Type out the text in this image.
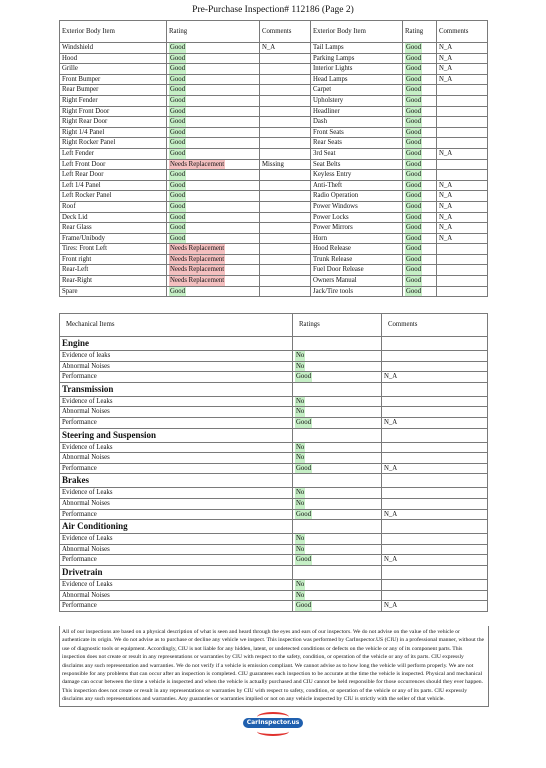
Pre-Purchase Inspection# 112186 (Page 2)
Exterior Body Item	Rating	Comments	Exterior Body Item	Rating	Comments
Windshield	Good	N_A	Tail Lamps	Good	N_A
Hood	Good		Parking Lamps	Good	N_A
Grille	Good		Interior Lights	Good	N_A
Front Bumper	Good		Head Lamps	Good	N_A
Rear Bumper	Good		Carpet	Good	
Right Fender	Good		Upholstery	Good	
Right Front Door	Good		Headliner	Good	
Right Rear Door	Good		Dash	Good	
Right 1/4 Panel	Good		Front Seats	Good	
Right Rocker Panel	Good		Rear Seats	Good	
Left Fender	Good		3rd Seat	Good	N_A
Left Front Door	Needs Replacement	Missing	Seat Belts	Good	
Left Rear Door	Good		Keyless Entry	Good	
Left 1/4 Panel	Good		Anti-Theft	Good	N_A
Left Rocker Panel	Good		Radio Operation	Good	N_A
Roof	Good		Power Windows	Good	N_A
Deck Lid	Good		Power Locks	Good	N_A
Rear Glass	Good		Power Mirrors	Good	N_A
Frame/Unibody	Good		Horn	Good	N_A
Tires: Front Left	Needs Replacement		Hood Release	Good	
Front right	Needs Replacement		Trunk Release	Good	
Rear-Left	Needs Replacement		Fuel Door Release	Good	
Rear-Right	Needs Replacement		Owners Manual	Good	
Spare	Good		Jack/Tire tools	Good	
Mechanical Items	Ratings	Comments
Engine		
Evidence of leaks	No	
Abnormal Noises	No	
Performance	Good	N_A
Transmission		
Evidence of Leaks	No	
Abnormal Noises	No	
Performance	Good	N_A
Steering and Suspension		
Evidence of Leaks	No	
Abnormal Noises	No	
Performance	Good	N_A
Brakes		
Evidence of Leaks	No	
Abnormal Noises	No	
Performance	Good	N_A
Air Conditioning		
Evidence of Leaks	No	
Abnormal Noises	No	
Performance	Good	N_A
Drivetrain		
Evidence of Leaks	No	
Abnormal Noises	No	
Performance	Good	N_A
All of our inspections are based on a physical description of what is seen and heard through the eyes and ears of our inspectors. We do not advise on the value of the vehicle or authenticate its origin. We do not advise as to purchase or decline any vehicle we inspect. This inspection was performed by CarInspector.US (CIU) in a professional manner, without the use of diagnostic tools or equipment. Accordingly, CIU is not liable for any hidden, latent, or undetected conditions or defects on the vehicle or any of its component parts. This inspection does not create or result in any representations or warranties by CIU with respect to the safety, condition, or operation of the vehicle or any of its parts. CIU expressly disclaims any such representation and warranties. We do not verify if a vehicle is emission compliant. We cannot advise as to how long the vehicle will perform properly. We are not responsible for any problems that can occur after an inspection is completed. CIU guarantees each inspection to be accurate at the time the vehicle is inspected. Physical and mechanical damage can occur between the time a vehicle is inspected and when the vehicle is actually purchased and CIU cannot be held responsible for those occurrences should they ever happen. This inspection does not create or result in any representations or warranties by CIU with respect to safety, condition, or operation of the vehicle or any of its parts. CIU expressly disclaims any such representations and warranties. Any guaranties or warranties implied or not on any vehicle inspected by CIU is strictly with the seller of that vehicle.
CarInspector.us
